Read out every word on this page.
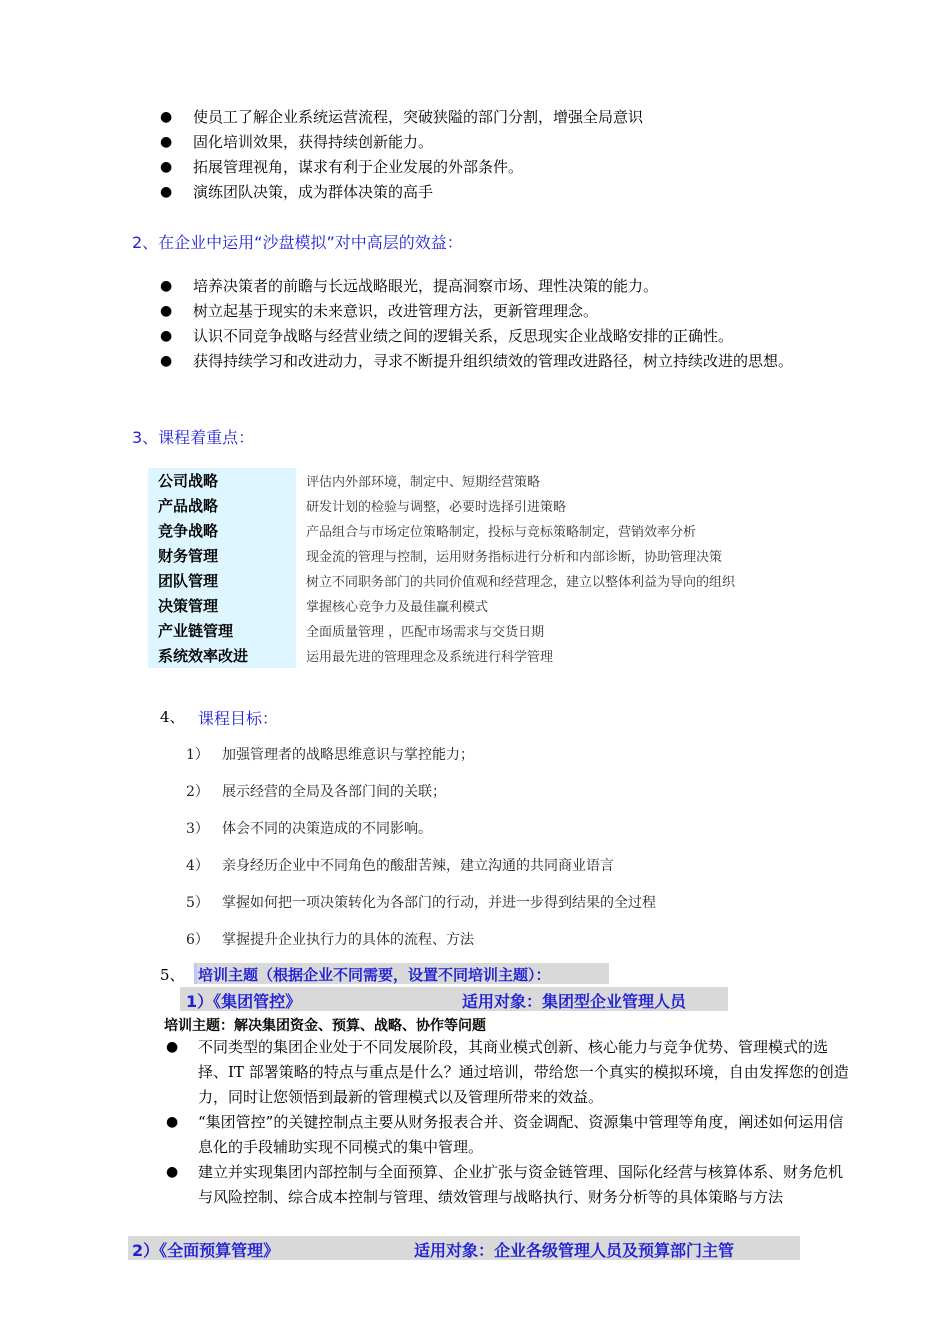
●	使员工了解企业系统运营流程，突破狭隘的部门分割，增强全局意识
●	固化培训效果，获得持续创新能力。
●	拓展管理视角，谋求有利于企业发展的外部条件。
●	演练团队决策，成为群体决策的高手
2、在企业中运用“沙盘模拟”对中高层的效益：
●	培养决策者的前瞻与长远战略眼光，提高洞察市场、理性决策的能力。
●	树立起基于现实的未来意识，改进管理方法，更新管理理念。
●	认识不同竞争战略与经营业绩之间的逻辑关系，反思现实企业战略安排的正确性。
●	获得持续学习和改进动力，寻求不断提升组织绩效的管理改进路径，树立持续改进的思想。
3、课程着重点：
公司战略	评估内外部环境，制定中、短期经营策略
产品战略	研发计划的检验与调整，必要时选择引进策略
竞争战略	产品组合与市场定位策略制定，投标与竞标策略制定，营销效率分析
财务管理	现金流的管理与控制，运用财务指标进行分析和内部诊断，协助管理决策
团队管理	树立不同职务部门的共同价值观和经营理念，建立以整体利益为导向的组织
决策管理	掌握核心竞争力及最佳赢利模式
产业链管理	全面质量管理 ，匹配市场需求与交货日期
系统效率改进	运用最先进的管理理念及系统进行科学管理
4、 课程目标：
1） 加强管理者的战略思维意识与掌控能力；
2） 展示经营的全局及各部门间的关联；
3） 体会不同的决策造成的不同影响。
4） 亲身经历企业中不同角色的酸甜苦辣，建立沟通的共同商业语言
5） 掌握如何把一项决策转化为各部门的行动，并进一步得到结果的全过程
6） 掌握提升企业执行力的具体的流程、方法
5、 培训主题（根据企业不同需要，设置不同培训主题）：
1）《集团管控》	适用对象：集团型企业管理人员
培训主题：解决集团资金、预算、战略、协作等问题
● 不同类型的集团企业处于不同发展阶段，其商业模式创新、核心能力与竞争优势、管理模式的选择、IT 部署策略的特点与重点是什么？通过培训，带给您一个真实的模拟环境，自由发挥您的创造力，同时让您领悟到最新的管理模式以及管理所带来的效益。
● “集团管控”的关键控制点主要从财务报表合并、资金调配、资源集中管理等角度，阐述如何运用信息化的手段辅助实现不同模式的集中管理。
● 建立并实现集团内部控制与全面预算、企业扩张与资金链管理、国际化经营与核算体系、财务危机与风险控制、综合成本控制与管理、绩效管理与战略执行、财务分析等的具体策略与方法
2）《全面预算管理》	适用对象：企业各级管理人员及预算部门主管
